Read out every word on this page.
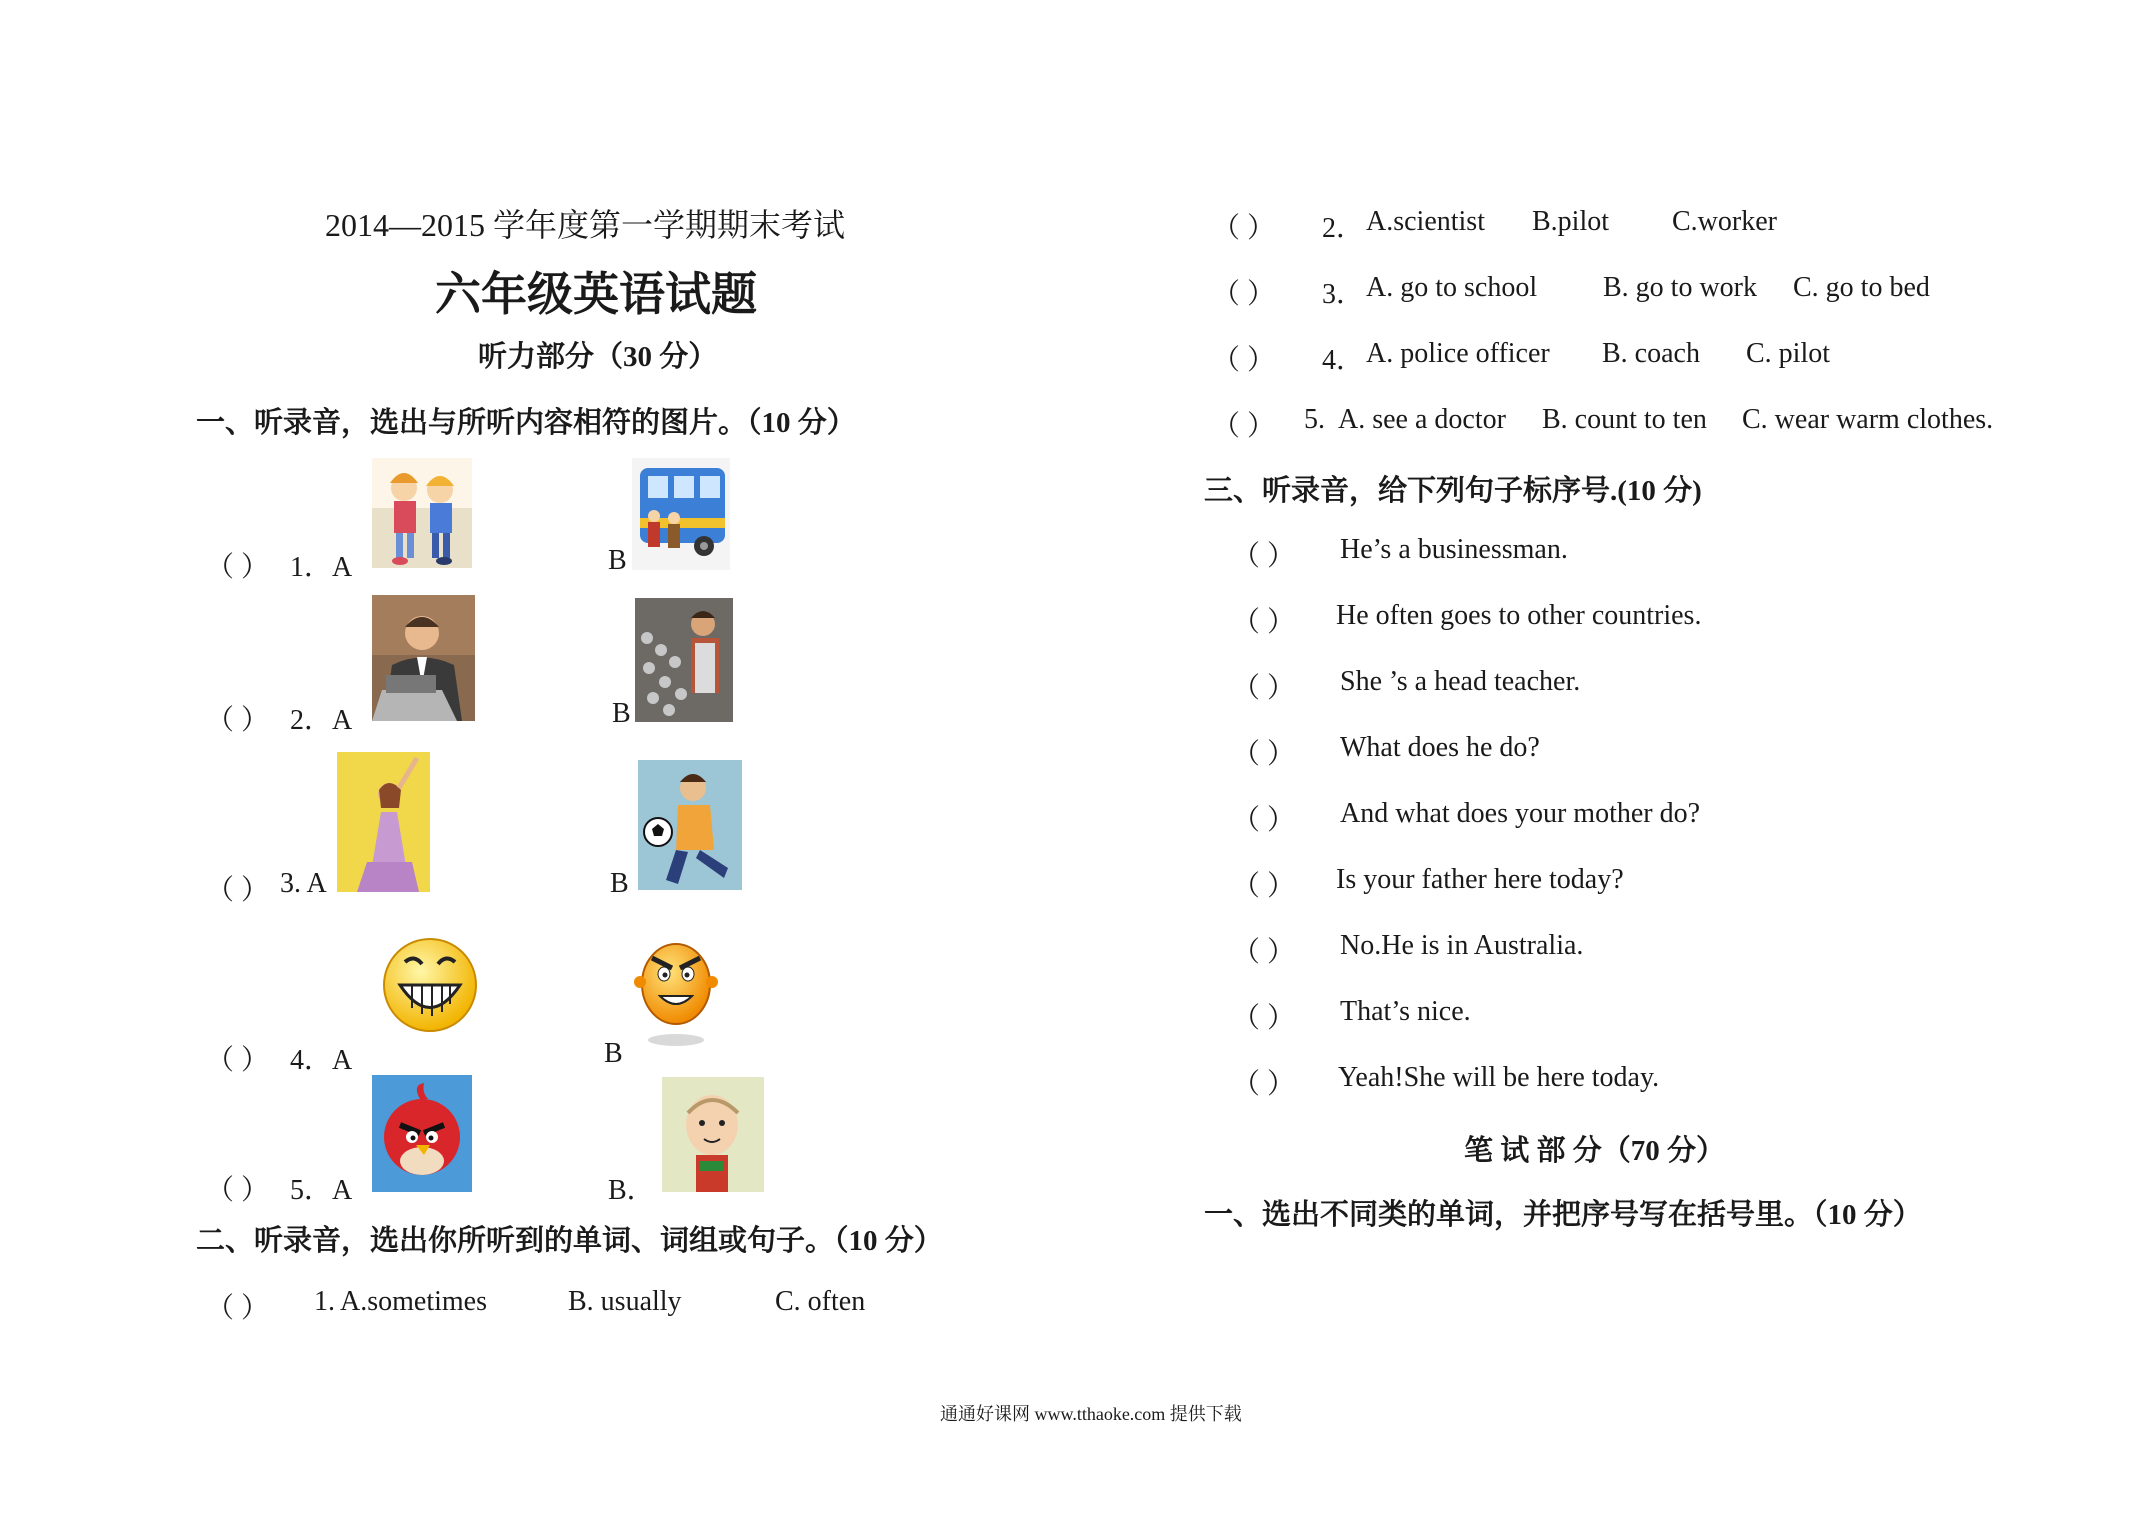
2014—2015 学年度第一学期期末考试
六年级英语试题
听力部分（30 分）
一、听录音，选出与所听内容相符的图片。（10 分）
（ ） 1．A	B
（ ） 2．A	B
（ ） 3. A	B
（ ） 4．A	B
（ ） 5．A	B．
二、听录音，选出你所听到的单词、词组或句子。（10 分）
（ ） 1. A.sometimes	B. usually	C. often
（ ） 2． A.scientist B.pilot C.worker
（ ） 3． A. go to school B. go to work C. go to bed
（ ） 4． A. police officer B. coach C. pilot
（ ） 5. A. see a doctor B. count to ten C. wear warm clothes.
三、听录音，给下列句子标序号.(10 分)
（ ） He’s a businessman.
（ ） He often goes to other countries.
（ ） She ’s a head teacher.
（ ） What does he do?
（ ） And what does your mother do?
（ ） Is your father here today?
（ ） No.He is in Australia.
（ ） That’s nice.
（ ） Yeah!She will be here today.
笔 试 部 分（70 分）
一、选出不同类的单词，并把序号写在括号里。（10 分）
通通好课网 www.tthaoke.com 提供下载
